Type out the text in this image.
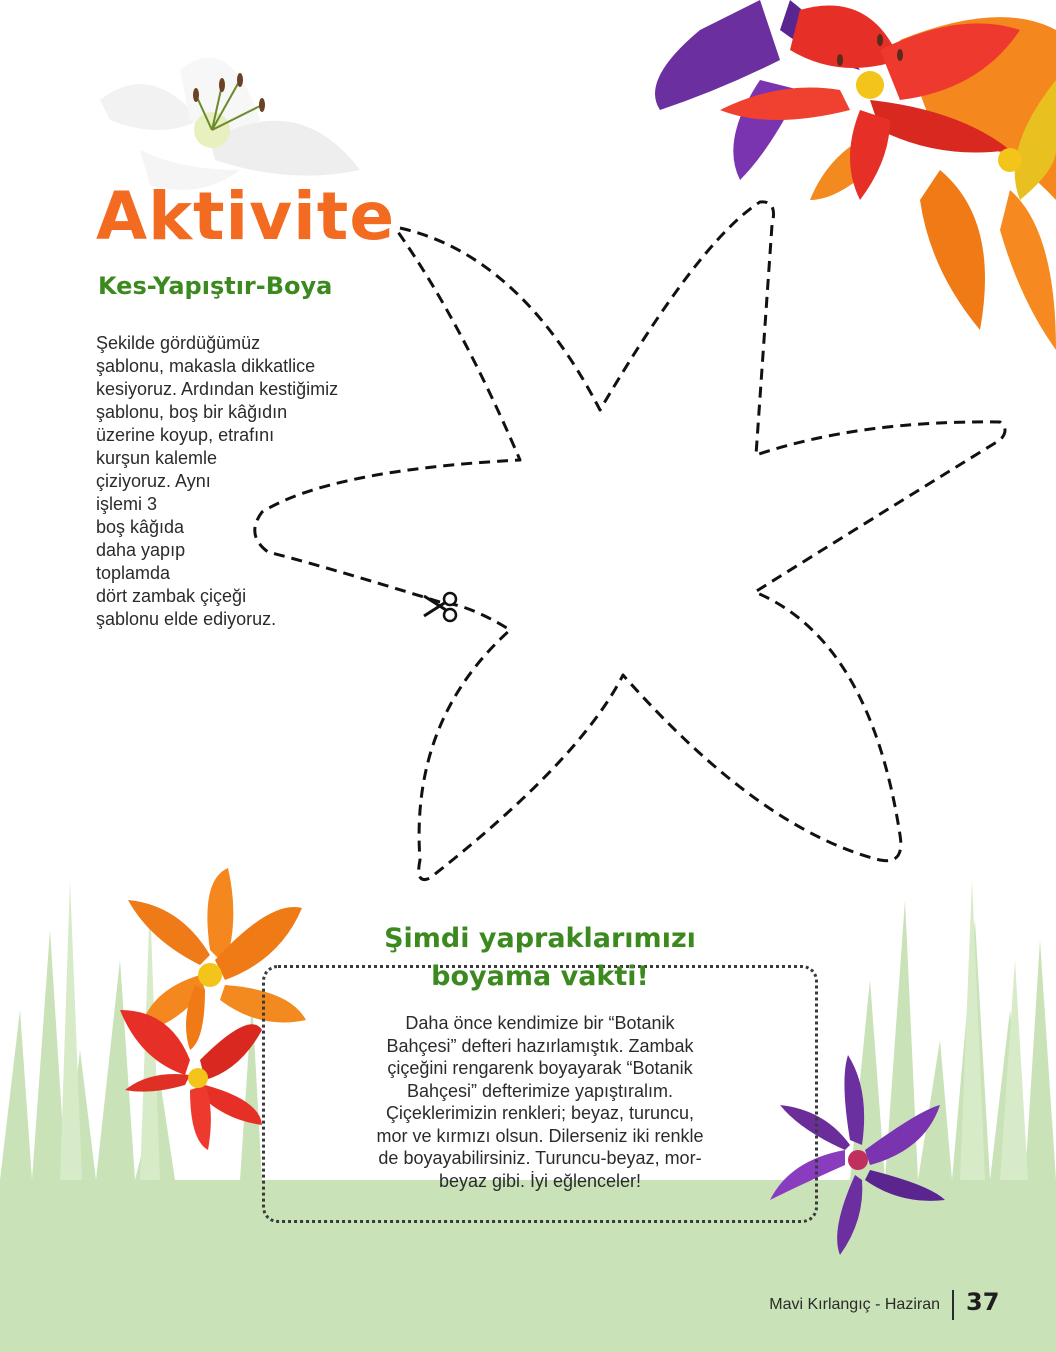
Aktivite
Kes-Yapıştır-Boya
Şekilde gördüğümüz
şablonu, makasla dikkatlice
kesiyoruz. Ardından kestiğimiz
şablonu, boş bir kâğıdın
üzerine koyup, etrafını
kurşun kalemle
çiziyoruz. Aynı
işlemi 3
boş kâğıda
daha yapıp
toplamda
dört zambak çiçeği
şablonu elde ediyoruz.
Şimdi yapraklarımızı
boyama vakti!
Daha önce kendimize bir “Botanik
Bahçesi” defteri hazırlamıştık. Zambak
çiçeğini rengarenk boyayarak “Botanik
Bahçesi” defterimize yapıştıralım.
Çiçeklerimizin renkleri; beyaz, turuncu,
mor ve kırmızı olsun. Dilerseniz iki renkle
de boyayabilirsiniz. Turuncu-beyaz, mor-
beyaz gibi. İyi eğlenceler!
Mavi Kırlangıç - Haziran 37
